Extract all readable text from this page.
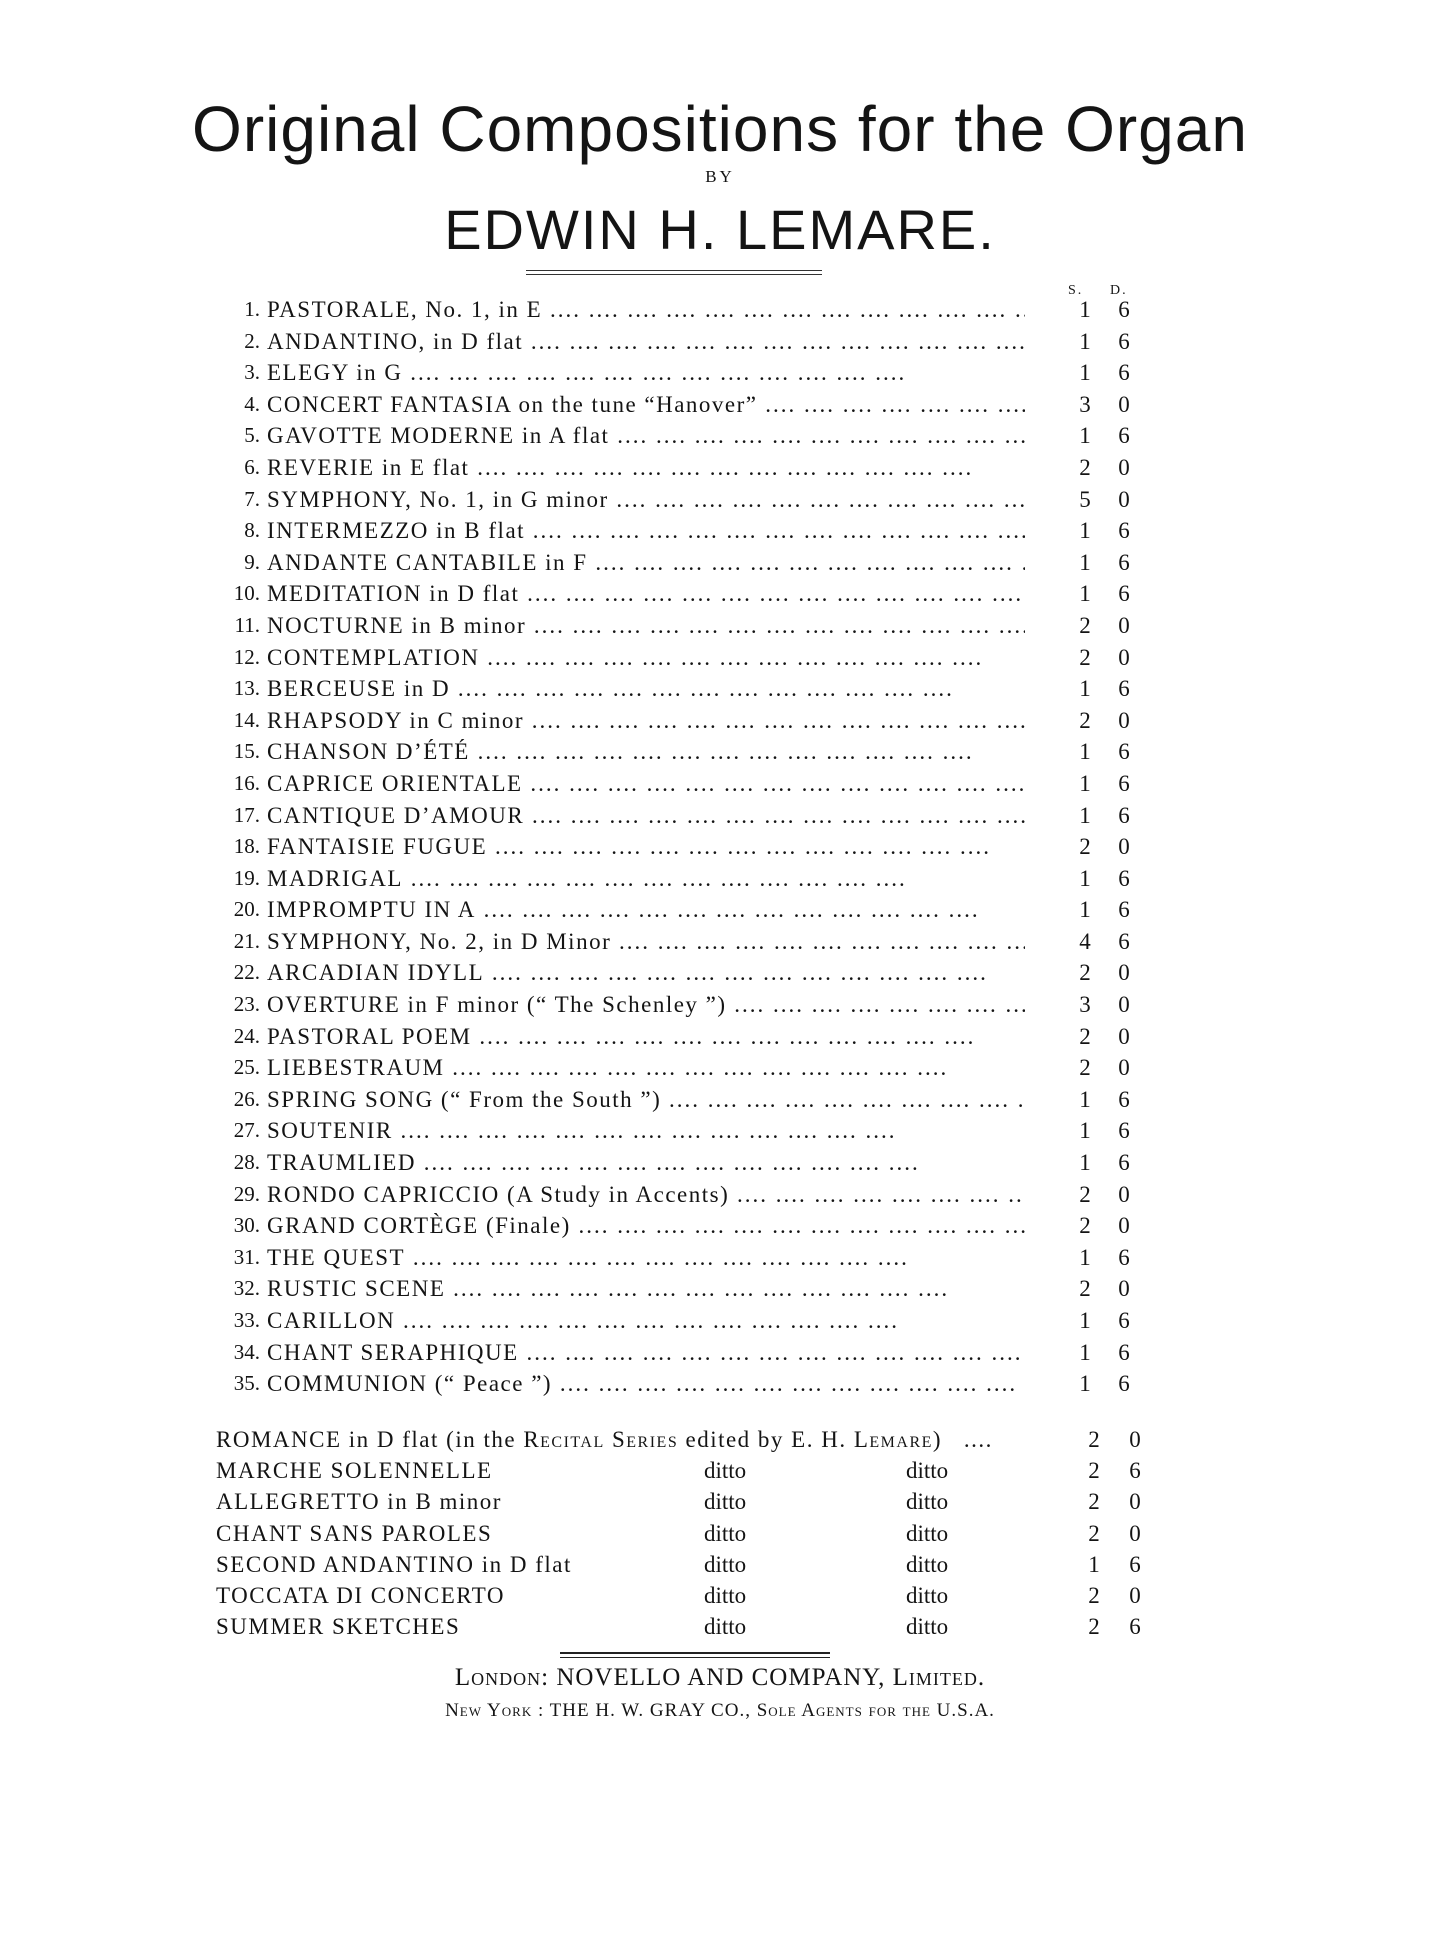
Original Compositions for the Organ
BY
EDWIN H. LEMARE.
S. D.
1. PASTORALE, No. 1, in E ....	1	6
2. ANDANTINO, in D flat ....	1	6
3. ELEGY in G ....	1	6
4. CONCERT FANTASIA on the tune “Hanover” ....	3	0
5. GAVOTTE MODERNE in A flat ....	1	6
6. REVERIE in E flat ....	2	0
7. SYMPHONY, No. 1, in G minor ....	5	0
8. INTERMEZZO in B flat ....	1	6
9. ANDANTE CANTABILE in F ....	1	6
10. MEDITATION in D flat ....	1	6
11. NOCTURNE in B minor ....	2	0
12. CONTEMPLATION ....	2	0
13. BERCEUSE in D ....	1	6
14. RHAPSODY in C minor ....	2	0
15. CHANSON D’ÉTÉ ....	1	6
16. CAPRICE ORIENTALE ....	1	6
17. CANTIQUE D’AMOUR ....	1	6
18. FANTAISIE FUGUE ....	2	0
19. MADRIGAL ....	1	6
20. IMPROMPTU IN A ....	1	6
21. SYMPHONY, No. 2, in D Minor ....	4	6
22. ARCADIAN IDYLL ....	2	0
23. OVERTURE in F minor (“ The Schenley ”) ....	3	0
24. PASTORAL POEM ....	2	0
25. LIEBESTRAUM ....	2	0
26. SPRING SONG (“ From the South ”) ....	1	6
27. SOUTENIR ....	1	6
28. TRAUMLIED ....	1	6
29. RONDO CAPRICCIO (A Study in Accents) ....	2	0
30. GRAND CORTÈGE (Finale) ....	2	0
31. THE QUEST ....	1	6
32. RUSTIC SCENE ....	2	0
33. CARILLON ....	1	6
34. CHANT SERAPHIQUE ....	1	6
35. COMMUNION (“ Peace ”) ....	1	6
ROMANCE in D flat (in the Recital Series edited by E. H. Lemare) ....	2	0
MARCHE SOLENNELLE	ditto	ditto	2	6
ALLEGRETTO in B minor	ditto	ditto	2	0
CHANT SANS PAROLES	ditto	ditto	2	0
SECOND ANDANTINO in D flat	ditto	ditto	1	6
TOCCATA DI CONCERTO	ditto	ditto	2	0
SUMMER SKETCHES	ditto	ditto	2	6
London: NOVELLO AND COMPANY, Limited.
New York : THE H. W. GRAY CO., Sole Agents for the U.S.A.
